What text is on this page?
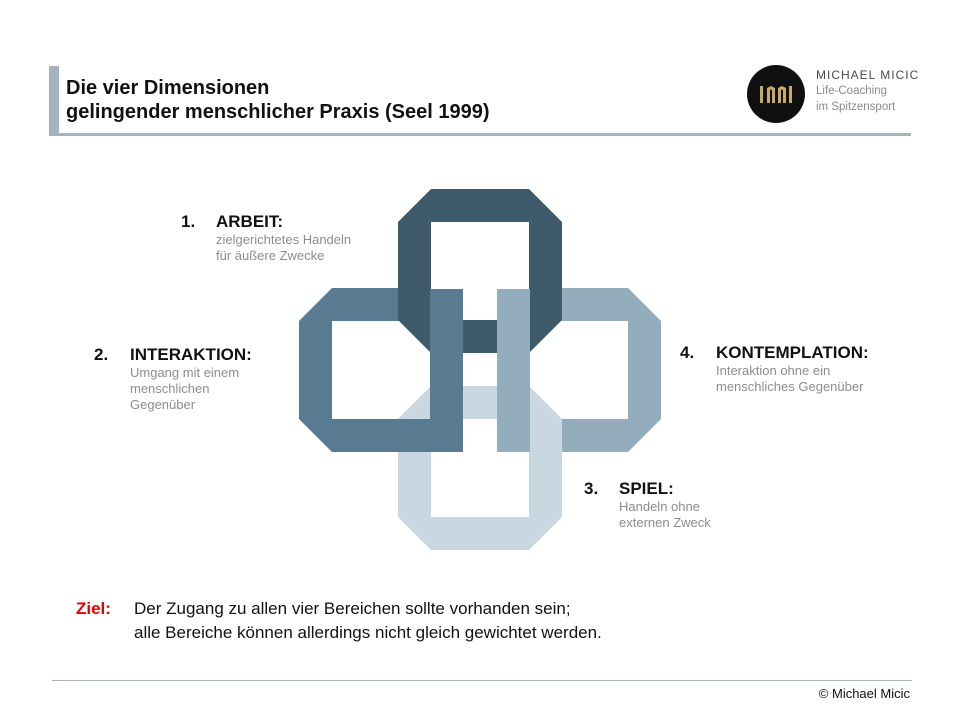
Die vier Dimensionen
gelingender menschlicher Praxis (Seel 1999)
MICHAEL MICIC
Life-Coaching
im Spitzensport
1. ARBEIT:
zielgerichtetes Handeln
für äußere Zwecke
2. INTERAKTION:
Umgang mit einem
menschlichen
Gegenüber
3. SPIEL:
Handeln ohne
externen Zweck
4. KONTEMPLATION:
Interaktion ohne ein
menschliches Gegenüber
Ziel: Der Zugang zu allen vier Bereichen sollte vorhanden sein;
alle Bereiche können allerdings nicht gleich gewichtet werden.
© Michael Micic
